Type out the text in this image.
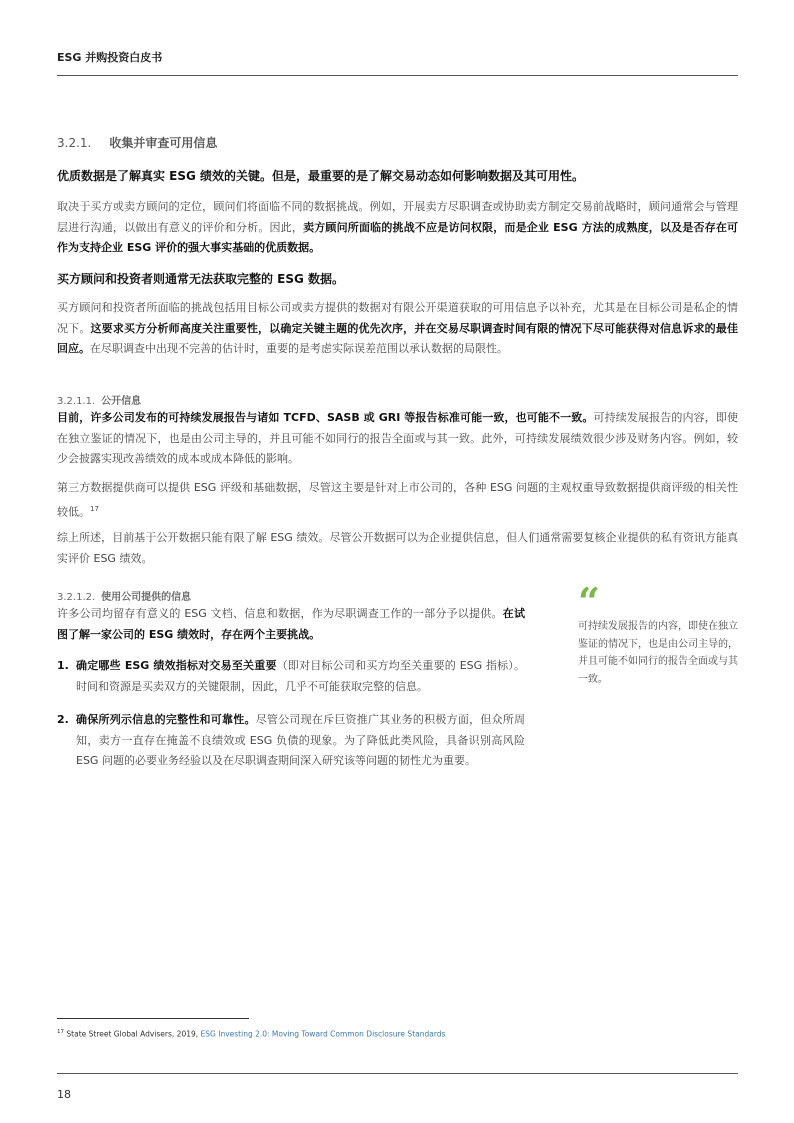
ESG 并购投资白皮书
3.2.1. 收集并审查可用信息
优质数据是了解真实 ESG 绩效的关键。但是，最重要的是了解交易动态如何影响数据及其可用性。
取决于买方或卖方顾问的定位，顾问们将面临不同的数据挑战。例如，开展卖方尽职调查或协助卖方制定交易前战略时，顾问通常会与管理层进行沟通，以做出有意义的评价和分析。因此，卖方顾问所面临的挑战不应是访问权限，而是企业 ESG 方法的成熟度，以及是否存在可作为支持企业 ESG 评价的强大事实基础的优质数据。
买方顾问和投资者则通常无法获取完整的 ESG 数据。
买方顾问和投资者所面临的挑战包括用目标公司或卖方提供的数据对有限公开渠道获取的可用信息予以补充，尤其是在目标公司是私企的情况下。这要求买方分析师高度关注重要性，以确定关键主题的优先次序，并在交易尽职调查时间有限的情况下尽可能获得对信息诉求的最佳回应。在尽职调查中出现不完善的估计时，重要的是考虑实际误差范围以承认数据的局限性。
3.2.1.1. 公开信息
目前，许多公司发布的可持续发展报告与诸如 TCFD、SASB 或 GRI 等报告标准可能一致，也可能不一致。可持续发展报告的内容，即使在独立鉴证的情况下，也是由公司主导的，并且可能不如同行的报告全面或与其一致。此外，可持续发展绩效很少涉及财务内容。例如，较少会披露实现改善绩效的成本或成本降低的影响。
第三方数据提供商可以提供 ESG 评级和基础数据，尽管这主要是针对上市公司的，各种 ESG 问题的主观权重导致数据提供商评级的相关性较低。$^{17}$
综上所述，目前基于公开数据只能有限了解 ESG 绩效。尽管公开数据可以为企业提供信息，但人们通常需要复核企业提供的私有资讯方能真实评价 ESG 绩效。
3.2.1.2. 使用公司提供的信息
许多公司均留存有意义的 ESG 文档、信息和数据，作为尽职调查工作的一部分予以提供。在试图了解一家公司的 ESG 绩效时，存在两个主要挑战。
1. 确定哪些 ESG 绩效指标对交易至关重要（即对目标公司和买方均至关重要的 ESG 指标）。时间和资源是买卖双方的关键限制，因此，几乎不可能获取完整的信息。
2. 确保所列示信息的完整性和可靠性。尽管公司现在斥巨资推广其业务的积极方面，但众所周知，卖方一直存在掩盖不良绩效或 ESG 负债的现象。为了降低此类风险，具备识别高风险 ESG 问题的必要业务经验以及在尽职调查期间深入研究该等问题的韧性尤为重要。
“
可持续发展报告的内容，即使在独立鉴证的情况下，也是由公司主导的，并且可能不如同行的报告全面或与其一致。
$^{17}$ State Street Global Advisers, 2019, ESG Investing 2.0: Moving Toward Common Disclosure Standards
18
